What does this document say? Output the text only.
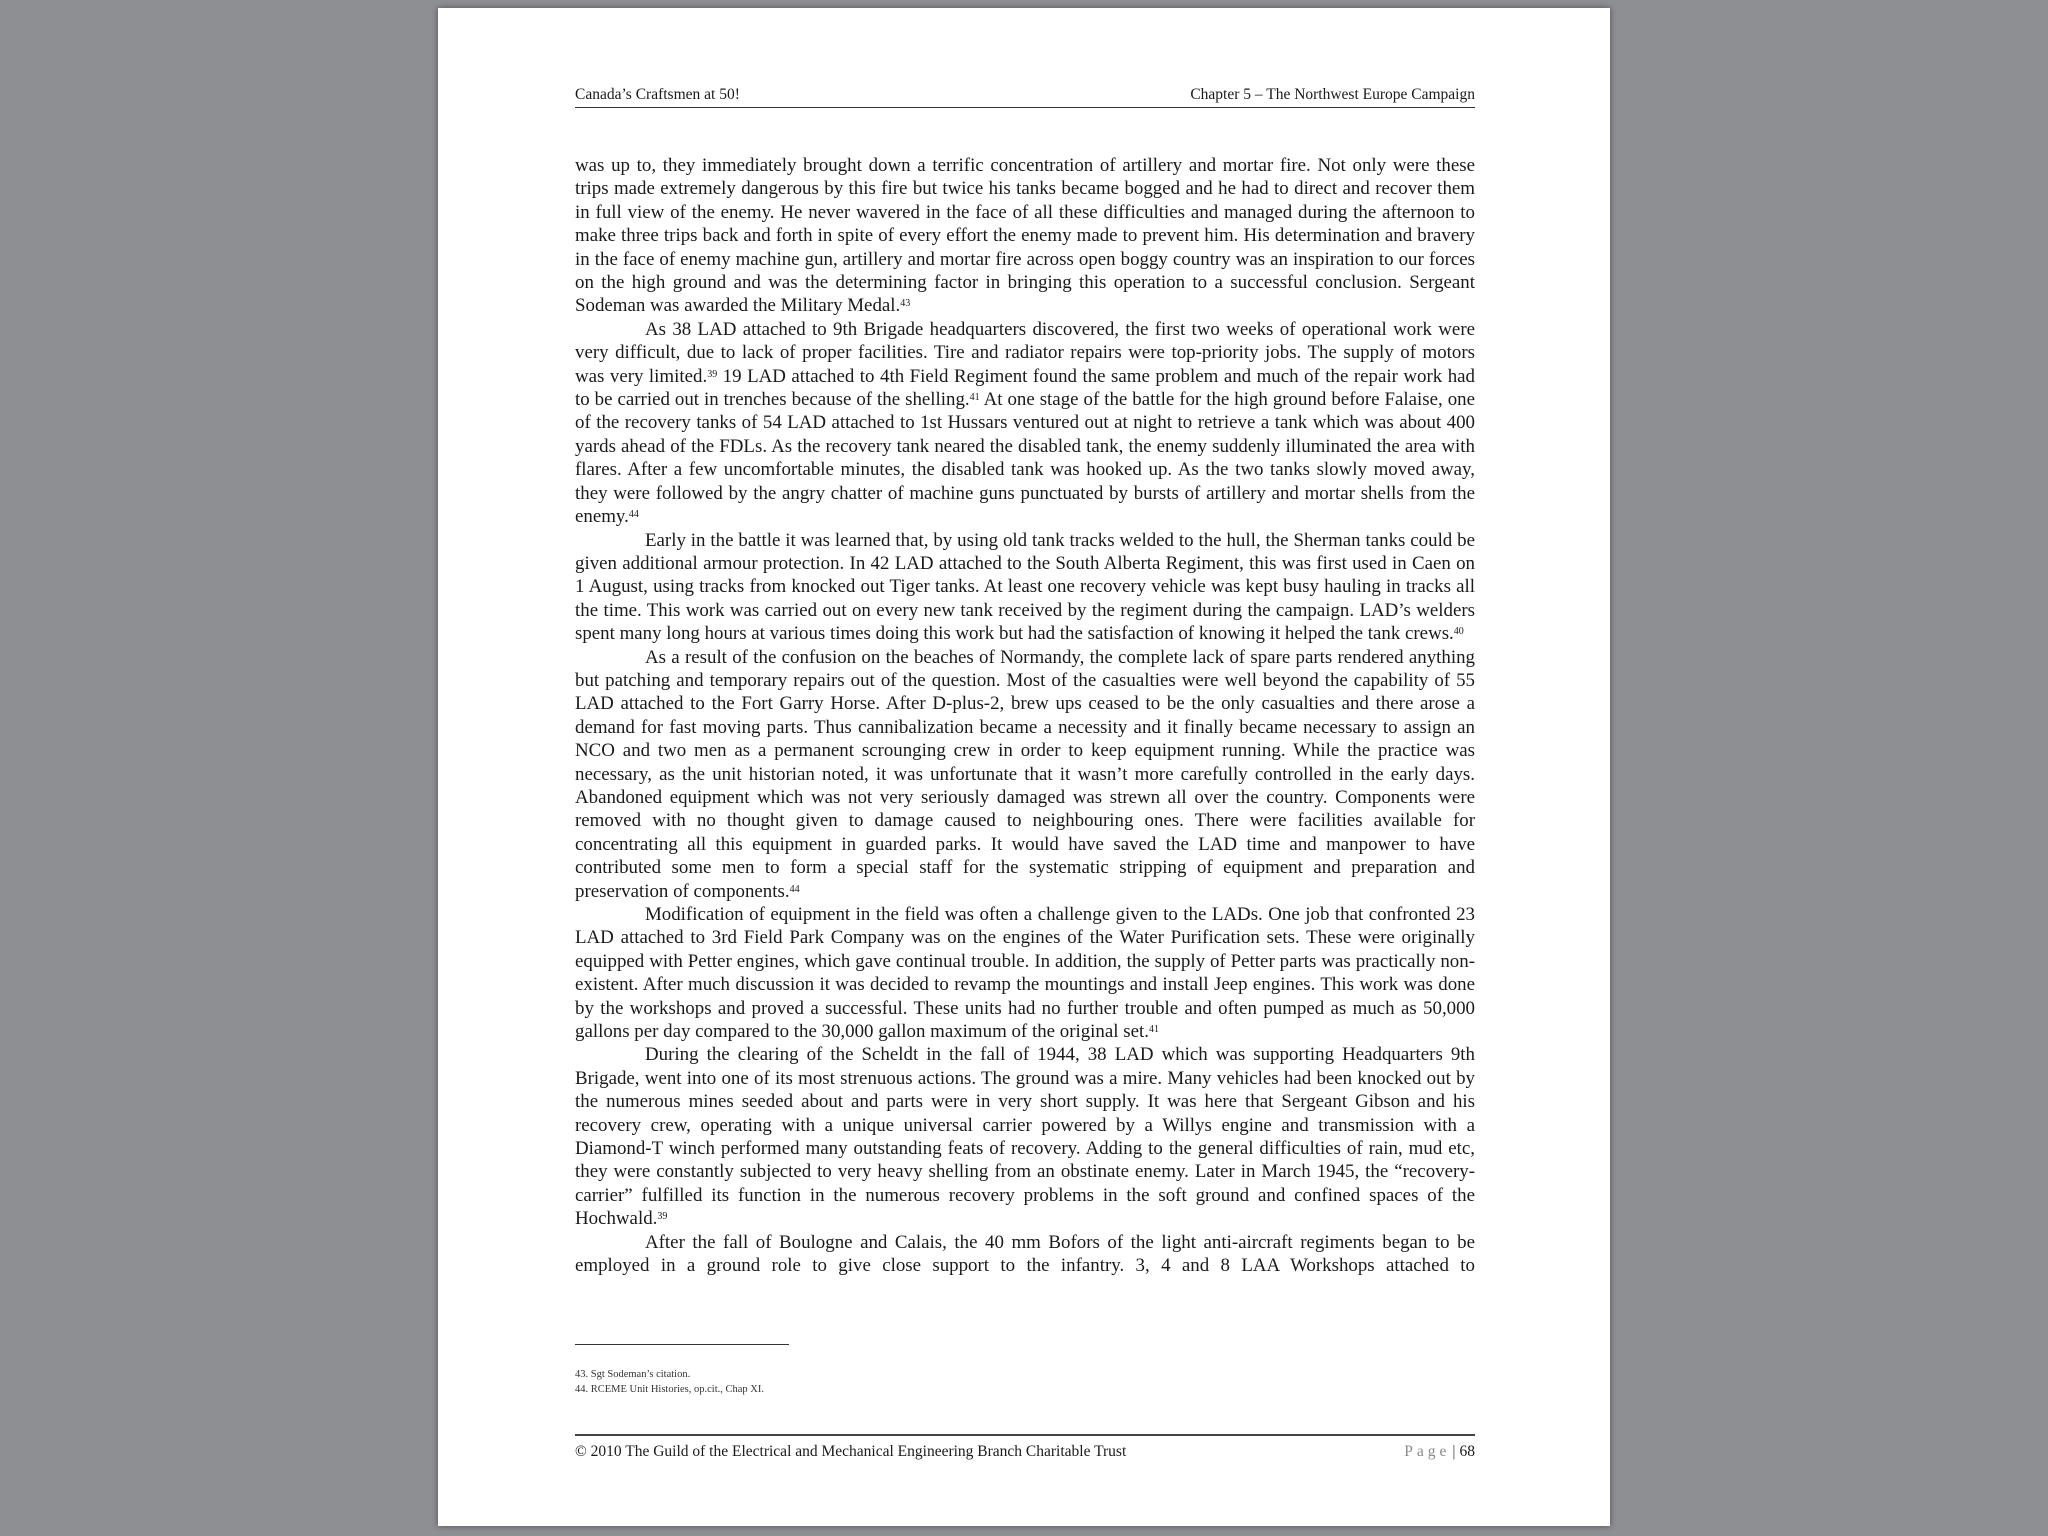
Canada’s Craftsmen at 50!	Chapter 5 – The Northwest Europe Campaign

was up to, they immediately brought down a terrific concentration of artillery and mortar fire. Not only were these trips made extremely dangerous by this fire but twice his tanks became bogged and he had to direct and recover them in full view of the enemy. He never wavered in the face of all these difficulties and managed during the afternoon to make three trips back and forth in spite of every effort the enemy made to prevent him. His determination and bravery in the face of enemy machine gun, artillery and mortar fire across open boggy country was an inspiration to our forces on the high ground and was the determining factor in bringing this operation to a successful conclusion. Sergeant Sodeman was awarded the Military Medal.$^{43}$

As 38 LAD attached to 9th Brigade headquarters discovered, the first two weeks of operational work were very difficult, due to lack of proper facilities. Tire and radiator repairs were top-priority jobs. The supply of motors was very limited.$^{39}$ 19 LAD attached to 4th Field Regiment found the same problem and much of the repair work had to be carried out in trenches because of the shelling.$^{41}$ At one stage of the battle for the high ground before Falaise, one of the recovery tanks of 54 LAD attached to 1st Hussars ventured out at night to retrieve a tank which was about 400 yards ahead of the FDLs. As the recovery tank neared the disabled tank, the enemy suddenly illuminated the area with flares. After a few uncomfortable minutes, the disabled tank was hooked up. As the two tanks slowly moved away, they were followed by the angry chatter of machine guns punctuated by bursts of artillery and mortar shells from the enemy.$^{44}$

Early in the battle it was learned that, by using old tank tracks welded to the hull, the Sherman tanks could be given additional armour protection. In 42 LAD attached to the South Alberta Regiment, this was first used in Caen on 1 August, using tracks from knocked out Tiger tanks. At least one recovery vehicle was kept busy hauling in tracks all the time. This work was carried out on every new tank received by the regiment during the campaign. LAD’s welders spent many long hours at various times doing this work but had the satisfaction of knowing it helped the tank crews.$^{40}$

As a result of the confusion on the beaches of Normandy, the complete lack of spare parts rendered anything but patching and temporary repairs out of the question. Most of the casualties were well beyond the capability of 55 LAD attached to the Fort Garry Horse. After D-plus-2, brew ups ceased to be the only casualties and there arose a demand for fast moving parts. Thus cannibalization became a necessity and it finally became necessary to assign an NCO and two men as a permanent scrounging crew in order to keep equipment running. While the practice was necessary, as the unit historian noted, it was unfortunate that it wasn’t more carefully controlled in the early days. Abandoned equipment which was not very seriously damaged was strewn all over the country. Components were removed with no thought given to damage caused to neighbouring ones. There were facilities available for concentrating all this equipment in guarded parks. It would have saved the LAD time and manpower to have contributed some men to form a special staff for the systematic stripping of equipment and preparation and preservation of components.$^{44}$

Modification of equipment in the field was often a challenge given to the LADs. One job that confronted 23 LAD attached to 3rd Field Park Company was on the engines of the Water Purification sets. These were originally equipped with Petter engines, which gave continual trouble. In addition, the supply of Petter parts was practically non-existent. After much discussion it was decided to revamp the mountings and install Jeep engines. This work was done by the workshops and proved a successful. These units had no further trouble and often pumped as much as 50,000 gallons per day compared to the 30,000 gallon maximum of the original set.$^{41}$

During the clearing of the Scheldt in the fall of 1944, 38 LAD which was supporting Headquarters 9th Brigade, went into one of its most strenuous actions. The ground was a mire. Many vehicles had been knocked out by the numerous mines seeded about and parts were in very short supply. It was here that Sergeant Gibson and his recovery crew, operating with a unique universal carrier powered by a Willys engine and transmission with a Diamond-T winch performed many outstanding feats of recovery. Adding to the general difficulties of rain, mud etc, they were constantly subjected to very heavy shelling from an obstinate enemy. Later in March 1945, the “recovery-carrier” fulfilled its function in the numerous recovery problems in the soft ground and confined spaces of the Hochwald.$^{39}$

After the fall of Boulogne and Calais, the 40 mm Bofors of the light anti-aircraft regiments began to be employed in a ground role to give close support to the infantry. 3, 4 and 8 LAA Workshops attached to

43. Sgt Sodeman’s citation.
44. RCEME Unit Histories, op.cit., Chap XI.
© 2010 The Guild of the Electrical and Mechanical Engineering Branch Charitable Trust	Page | 68
